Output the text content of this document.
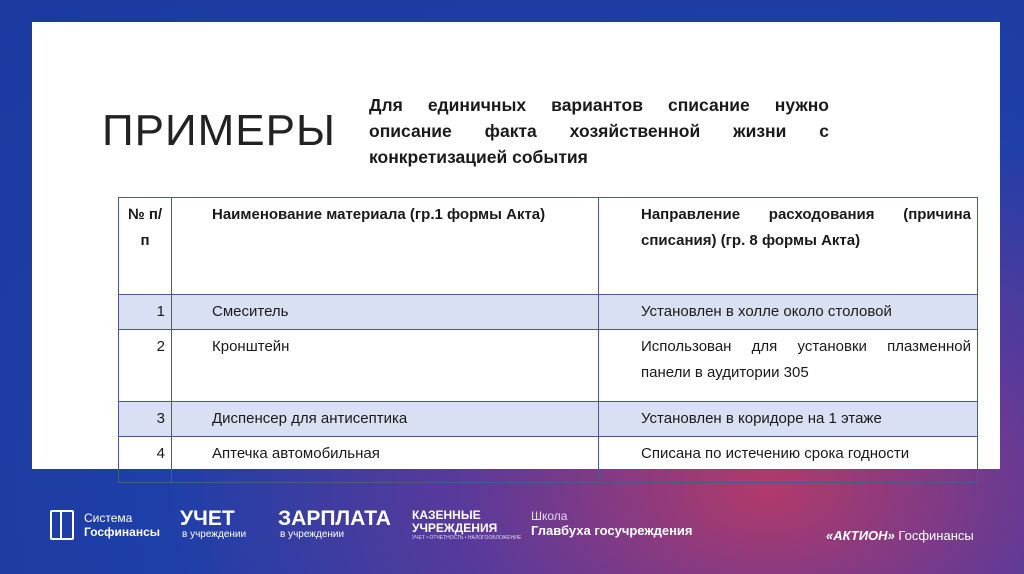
ПРИМЕРЫ
Для единичных вариантов списание нужно описание факта хозяйственной жизни с конкретизацией события
№ п/п	Наименование материала (гр.1 формы Акта)	Направление расходования (причина списания) (гр. 8 формы Акта)
1	Смеситель	Установлен в холле около столовой
2	Кронштейн	Использован для установки плазменной панели в аудитории 305
3	Диспенсер для антисептика	Установлен в коридоре на 1 этаже
4	Аптечка автомобильная	Списана по истечению срока годности
Система
Госфинансы
УЧЕТ
в учреждении
ЗАРПЛАТА
в учреждении
КАЗЕННЫЕ
УЧРЕЖДЕНИЯ
УЧЕТ • ОТЧЕТНОСТЬ • НАЛОГООБЛОЖЕНИЕ
Школа
Главбуха госучреждения	«АКТИОН» Госфинансы
